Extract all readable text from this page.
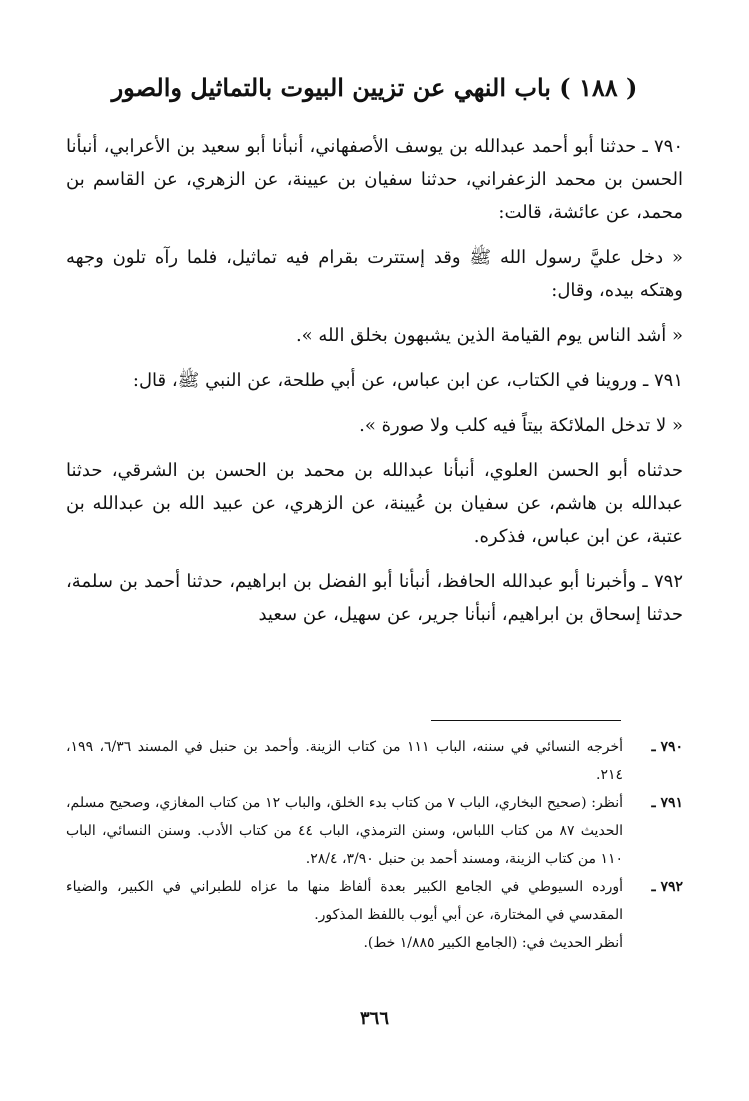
( ١٨٨ ) باب النهي عن تزيين البيوت بالتماثيل والصور

٧٩٠ ـ حدثنا أبو أحمد عبدالله بن يوسف الأصفهاني، أنبأنا أبو سعيد بن الأعرابي، أنبأنا الحسن بن محمد الزعفراني، حدثنا سفيان بن عيينة، عن الزهري، عن القاسم بن محمد، عن عائشة، قالت:

« دخل عليَّ رسول الله ﷺ وقد إستترت بقرام فيه تماثيل، فلما رآه تلون وجهه وهتكه بيده، وقال:

« أشد الناس يوم القيامة الذين يشبهون بخلق الله ».

٧٩١ ـ وروينا في الكتاب، عن ابن عباس، عن أبي طلحة، عن النبي ﷺ، قال:

« لا تدخل الملائكة بيتاً فيه كلب ولا صورة ».

حدثناه أبو الحسن العلوي، أنبأنا عبدالله بن محمد بن الحسن بن الشرقي، حدثنا عبدالله بن هاشم، عن سفيان بن عُيينة، عن الزهري، عن عبيد الله بن عبدالله بن عتبة، عن ابن عباس، فذكره.

٧٩٢ ـ وأخبرنا أبو عبدالله الحافظ، أنبأنا أبو الفضل بن ابراهيم، حدثنا أحمد بن سلمة، حدثنا إسحاق بن ابراهيم، أنبأنا جرير، عن سهيل، عن سعيد

٧٩٠ ـ
أخرجه النسائي في سننه، الباب ١١١ من كتاب الزينة. وأحمد بن حنبل في المسند ٦/٣٦، ١٩٩، ٢١٤.
٧٩١ ـ
أنظر: (صحيح البخاري، الباب ٧ من كتاب بدء الخلق، والباب ١٢ من كتاب المغازي، وصحيح مسلم، الحديث ٨٧ من كتاب اللباس، وسنن الترمذي، الباب ٤٤ من كتاب الأدب. وسنن النسائي، الباب ١١٠ من كتاب الزينة، ومسند أحمد بن حنبل ٣/٩٠، ٢٨/٤.
٧٩٢ ـ
أورده السيوطي في الجامع الكبير بعدة ألفاظ منها ما عزاه للطبراني في الكبير، والضياء المقدسي في المختارة، عن أبي أيوب باللفظ المذكور.
أنظر الحديث في: (الجامع الكبير ١/٨٨٥ خط).
٣٦٦
